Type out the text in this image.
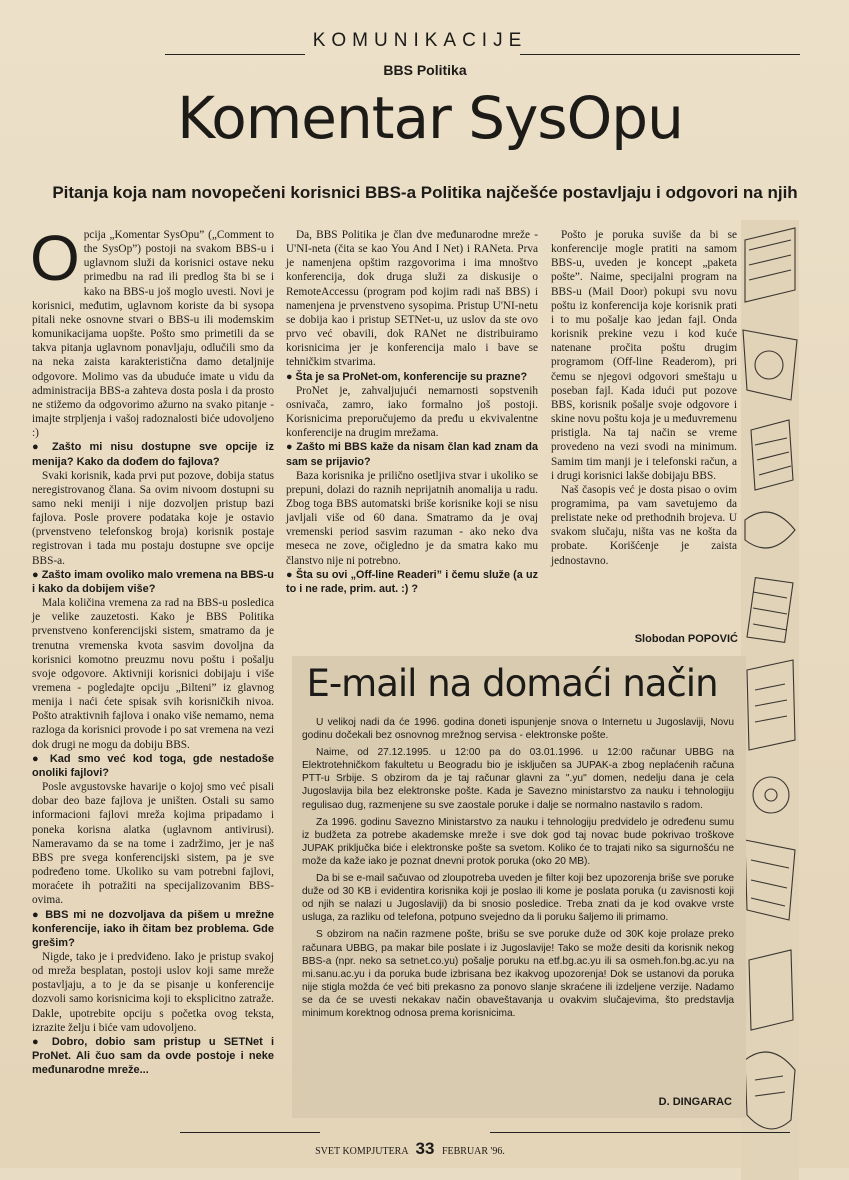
KOMUNIKACIJE
BBS Politika
Komentar SysOpu
Pitanja koja nam novopečeni korisnici BBS-a Politika najčešće postavljaju i odgovori na njih
O pcija „Komentar SysOpu” („Comment to the SysOp”) postoji na svakom BBS-u i uglavnom služi da korisnici ostave neku primedbu na rad ili predlog šta bi se i kako na BBS-u još moglo uvesti. Novi je korisnici, međutim, uglavnom koriste da bi sysopa pitali neke osnovne stvari o BBS-u ili modemskim komunikacijama uopšte. Pošto smo primetili da se takva pitanja uglavnom ponavljaju, odlučili smo da na neka zaista karakteristična damo detaljnije odgovore. Molimo vas da ubuduće imate u vidu da administracija BBS-a zahteva dosta posla i da prosto ne stižemo da odgovorimo ažurno na svako pitanje - imajte strpljenja i vašoj radoznalosti biće udovoljeno :)

● Zašto mi nisu dostupne sve opcije iz menija? Kako da dođem do fajlova?

Svaki korisnik, kada prvi put pozove, dobija status neregistrovanog člana. Sa ovim nivoom dostupni su samo neki meniji i nije dozvoljen pristup bazi fajlova. Posle provere podataka koje je ostavio (prvenstveno telefonskog broja) korisnik postaje registrovan i tada mu postaju dostupne sve opcije BBS-a.

● Zašto imam ovoliko malo vremena na BBS-u i kako da dobijem više?

Mala količina vremena za rad na BBS-u posledica je velike zauzetosti. Kako je BBS Politika prvenstveno konferencijski sistem, smatramo da je trenutna vremenska kvota sasvim dovoljna da korisnici komotno preuzmu novu poštu i pošalju svoje odgovore. Aktivniji korisnici dobijaju i više vremena - pogledajte opciju „Bilteni” iz glavnog menija i naći ćete spisak svih korisničkih nivoa. Pošto atraktivnih fajlova i onako više nemamo, nema razloga da korisnici provode i po sat vremena na vezi dok drugi ne mogu da dobiju BBS.

● Kad smo već kod toga, gde nestadoše onoliki fajlovi?

Posle avgustovske havarije o kojoj smo već pisali dobar deo baze fajlova je uništen. Ostali su samo informacioni fajlovi mreža kojima pripadamo i poneka korisna alatka (uglavnom antivirusi). Nameravamo da se na tome i zadržimo, jer je naš BBS pre svega konferencijski sistem, pa je sve podređeno tome. Ukoliko su vam potrebni fajlovi, moraćete ih potražiti na specijalizovanim BBS-ovima.

● BBS mi ne dozvoljava da pišem u mrežne konferencije, iako ih čitam bez problema. Gde grešim?

Nigde, tako je i predviđeno. Iako je pristup svakoj od mreža besplatan, postoji uslov koji same mreže postavljaju, a to je da se pisanje u konferencije dozvoli samo korisnicima koji to eksplicitno zatraže. Dakle, upotrebite opciju s početka ovog teksta, izrazite želju i biće vam udovoljeno.

● Dobro, dobio sam pristup u SETNet i ProNet. Ali čuo sam da ovde postoje i neke međunarodne mreže...

Da, BBS Politika je član dve međunarodne mreže - U'NI-neta (čita se kao You And I Net) i RANeta. Prva je namenjena opštim razgovorima i ima mnoštvo konferencija, dok druga služi za diskusije o RemoteAccessu (program pod kojim radi naš BBS) i namenjena je prvenstveno sysopima. Pristup U'NI-netu se dobija kao i pristup SETNet-u, uz uslov da ste ovo prvo već obavili, dok RANet ne distribuiramo korisnicima jer je konferencija malo i bave se tehničkim stvarima.

● Šta je sa ProNet-om, konferencije su prazne?

ProNet je, zahvaljujući nemarnosti sopstvenih osnivača, zamro, iako formalno još postoji. Korisnicima preporučujemo da pređu u ekvivalentne konferencije na drugim mrežama.

● Zašto mi BBS kaže da nisam član kad znam da sam se prijavio?

Baza korisnika je prilično osetljiva stvar i ukoliko se prepuni, dolazi do raznih neprijatnih anomalija u radu. Zbog toga BBS automatski briše korisnike koji se nisu javljali više od 60 dana. Smatramo da je ovaj vremenski period sasvim razuman - ako neko dva meseca ne zove, očigledno je da smatra kako mu članstvo nije ni potrebno.

● Šta su ovi „Off-line Readeri” i čemu služe (a uz to i ne rade, prim. aut. :) ?

Pošto je poruka suviše da bi se konferencije mogle pratiti na samom BBS-u, uveden je koncept „paketa pošte”. Naime, specijalni program na BBS-u (Mail Door) pokupi svu novu poštu iz konferencija koje korisnik prati i to mu pošalje kao jedan fajl. Onda korisnik prekine vezu i kod kuće natenane pročita poštu drugim programom (Off-line Readerom), pri čemu se njegovi odgovori smeštaju u poseban fajl. Kada idući put pozove BBS, korisnik pošalje svoje odgovore i skine novu poštu koja je u međuvremenu pristigla. Na taj način se vreme provedeno na vezi svodi na minimum. Samim tim manji je i telefonski račun, a i drugi korisnici lakše dobijaju BBS.

Naš časopis već je dosta pisao o ovim programima, pa vam savetujemo da prelistate neke od prethodnih brojeva. U svakom slučaju, ništa vas ne košta da probate. Korišćenje je zaista jednostavno.

Slobodan POPOVIĆ
E-mail na domaći način

U velikoj nadi da će 1996. godina doneti ispunjenje snova o Internetu u Jugoslaviji, Novu godinu dočekali bez osnovnog mrežnog servisa - elektronske pošte.

Naime, od 27.12.1995. u 12:00 pa do 03.01.1996. u 12:00 računar UBBG na Elektrotehničkom fakultetu u Beogradu bio je isključen sa JUPAK-a zbog neplaćenih računa PTT-u Srbije. S obzirom da je taj računar glavni za ".yu" domen, nedelju dana je cela Jugoslavija bila bez elektronske pošte. Kada je Savezno ministarstvo za nauku i tehnologiju regulisao dug, razmenjene su sve zaostale poruke i dalje se normalno nastavilo s radom.

Za 1996. godinu Savezno Ministarstvo za nauku i tehnologiju predvidelo je određenu sumu iz budžeta za potrebe akademske mreže i sve dok god taj novac bude pokrivao troškove JUPAK priključka biće i elektronske pošte sa svetom. Koliko će to trajati niko sa sigurnošću ne može da kaže iako je poznat dnevni protok poruka (oko 20 MB).

Da bi se e-mail sačuvao od zloupotreba uveden je filter koji bez upozorenja briše sve poruke duže od 30 KB i evidentira korisnika koji je poslao ili kome je poslata poruka (u zavisnosti koji od njih se nalazi u Jugoslaviji) da bi snosio posledice. Treba znati da je kod ovakve vrste usluga, za razliku od telefona, potpuno svejedno da li poruku šaljemo ili primamo.

S obzirom na način razmene pošte, brišu se sve poruke duže od 30K koje prolaze preko računara UBBG, pa makar bile poslate i iz Jugoslavije! Tako se može desiti da korisnik nekog BBS-a (npr. neko sa setnet.co.yu) pošalje poruku na etf.bg.ac.yu ili sa osmeh.fon.bg.ac.yu na mi.sanu.ac.yu i da poruka bude izbrisana bez ikakvog upozorenja! Dok se ustanovi da poruka nije stigla možda će već biti prekasno za ponovo slanje skraćene ili izdeljene verzije. Nadamo se da će se uvesti nekakav način obaveštavanja u ovakvim slučajevima, što predstavlja minimum korektnog odnosa prema korisnicima.

D. DINGARAC
SVET KOMPJUTERA 33 FEBRUAR '96.
